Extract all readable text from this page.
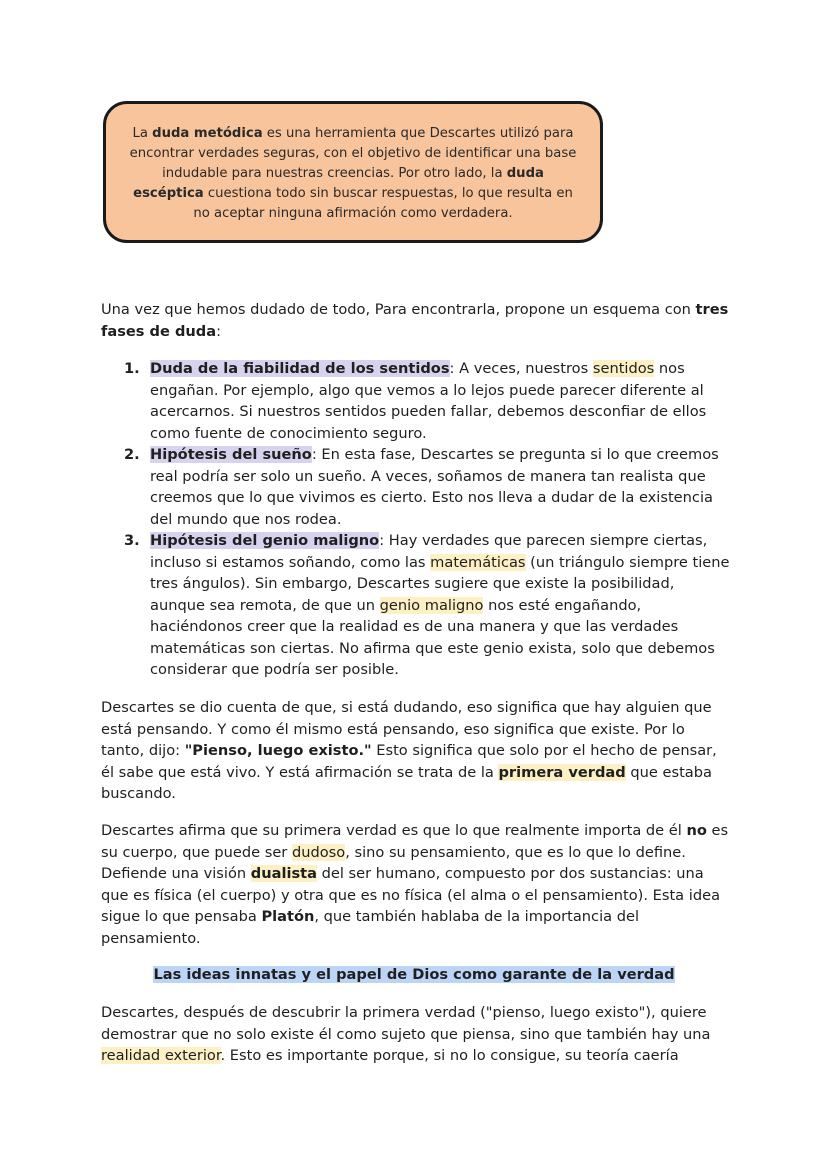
La duda metódica es una herramienta que Descartes utilizó para encontrar verdades seguras, con el objetivo de identificar una base indudable para nuestras creencias. Por otro lado, la duda escéptica cuestiona todo sin buscar respuestas, lo que resulta en no aceptar ninguna afirmación como verdadera.

Una vez que hemos dudado de todo, Para encontrarla, propone un esquema con tres fases de duda:

1. Duda de la fiabilidad de los sentidos: A veces, nuestros sentidos nos engañan. Por ejemplo, algo que vemos a lo lejos puede parecer diferente al acercarnos. Si nuestros sentidos pueden fallar, debemos desconfiar de ellos como fuente de conocimiento seguro.
2. Hipótesis del sueño: En esta fase, Descartes se pregunta si lo que creemos real podría ser solo un sueño. A veces, soñamos de manera tan realista que creemos que lo que vivimos es cierto. Esto nos lleva a dudar de la existencia del mundo que nos rodea.
3. Hipótesis del genio maligno: Hay verdades que parecen siempre ciertas, incluso si estamos soñando, como las matemáticas (un triángulo siempre tiene tres ángulos). Sin embargo, Descartes sugiere que existe la posibilidad, aunque sea remota, de que un genio maligno nos esté engañando, haciéndonos creer que la realidad es de una manera y que las verdades matemáticas son ciertas. No afirma que este genio exista, solo que debemos considerar que podría ser posible.

Descartes se dio cuenta de que, si está dudando, eso significa que hay alguien que está pensando. Y como él mismo está pensando, eso significa que existe. Por lo tanto, dijo: "Pienso, luego existo." Esto significa que solo por el hecho de pensar, él sabe que está vivo. Y está afirmación se trata de la primera verdad que estaba buscando.

Descartes afirma que su primera verdad es que lo que realmente importa de él no es su cuerpo, que puede ser dudoso, sino su pensamiento, que es lo que lo define. Defiende una visión dualista del ser humano, compuesto por dos sustancias: una que es física (el cuerpo) y otra que es no física (el alma o el pensamiento). Esta idea sigue lo que pensaba Platón, que también hablaba de la importancia del pensamiento.

Las ideas innatas y el papel de Dios como garante de la verdad

Descartes, después de descubrir la primera verdad ("pienso, luego existo"), quiere demostrar que no solo existe él como sujeto que piensa, sino que también hay una realidad exterior. Esto es importante porque, si no lo consigue, su teoría caería
